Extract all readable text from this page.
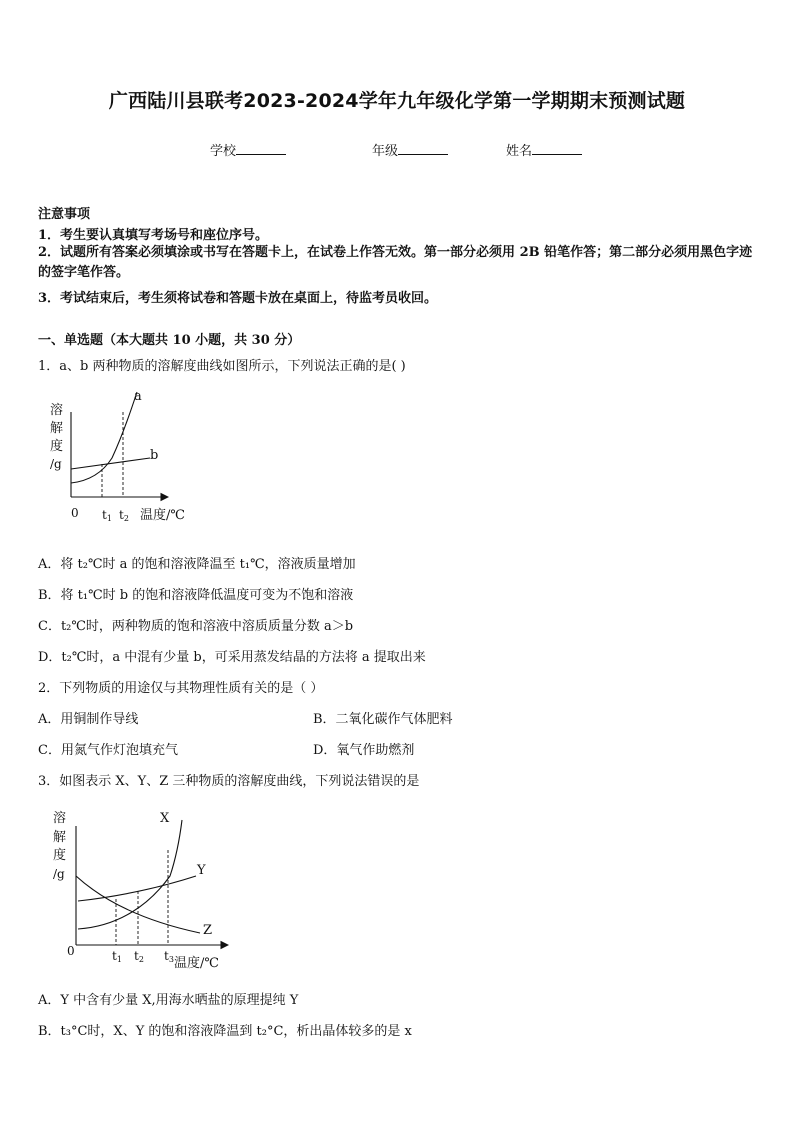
广西陆川县联考2023-2024学年九年级化学第一学期期末预测试题
学校	年级	姓名
注意事项
1．考生要认真填写考场号和座位序号。
2．试题所有答案必须填涂或书写在答题卡上，在试卷上作答无效。第一部分必须用 2B 铅笔作答；第二部分必须用黑色字迹的签字笔作答。
3．考试结束后，考生须将试卷和答题卡放在桌面上，待监考员收回。
一、单选题（本大题共 10 小题，共 30 分）
1．a、b 两种物质的溶解度曲线如图所示，下列说法正确的是( )
溶
解
度
/g
a
b
0 t1 t2 温度/℃
A．将 t₂℃时 a 的饱和溶液降温至 t₁℃，溶液质量增加
B．将 t₁℃时 b 的饱和溶液降低温度可变为不饱和溶液
C．t₂℃时，两种物质的饱和溶液中溶质质量分数 a＞b
D．t₂℃时，a 中混有少量 b，可采用蒸发结晶的方法将 a 提取出来
2．下列物质的用途仅与其物理性质有关的是（ ）
A．用铜制作导线	B．二氧化碳作气体肥料
C．用氮气作灯泡填充气	D．氧气作助燃剂
3．如图表示 X、Y、Z 三种物质的溶解度曲线，下列说法错误的是
溶
解
度
/g
X
Y
Z
0	t1 t2 t3 温度/℃
A．Y 中含有少量 X,用海水晒盐的原理提纯 Y
B．t₃°C时，X、Y 的饱和溶液降温到 t₂°C，析出晶体较多的是 x
